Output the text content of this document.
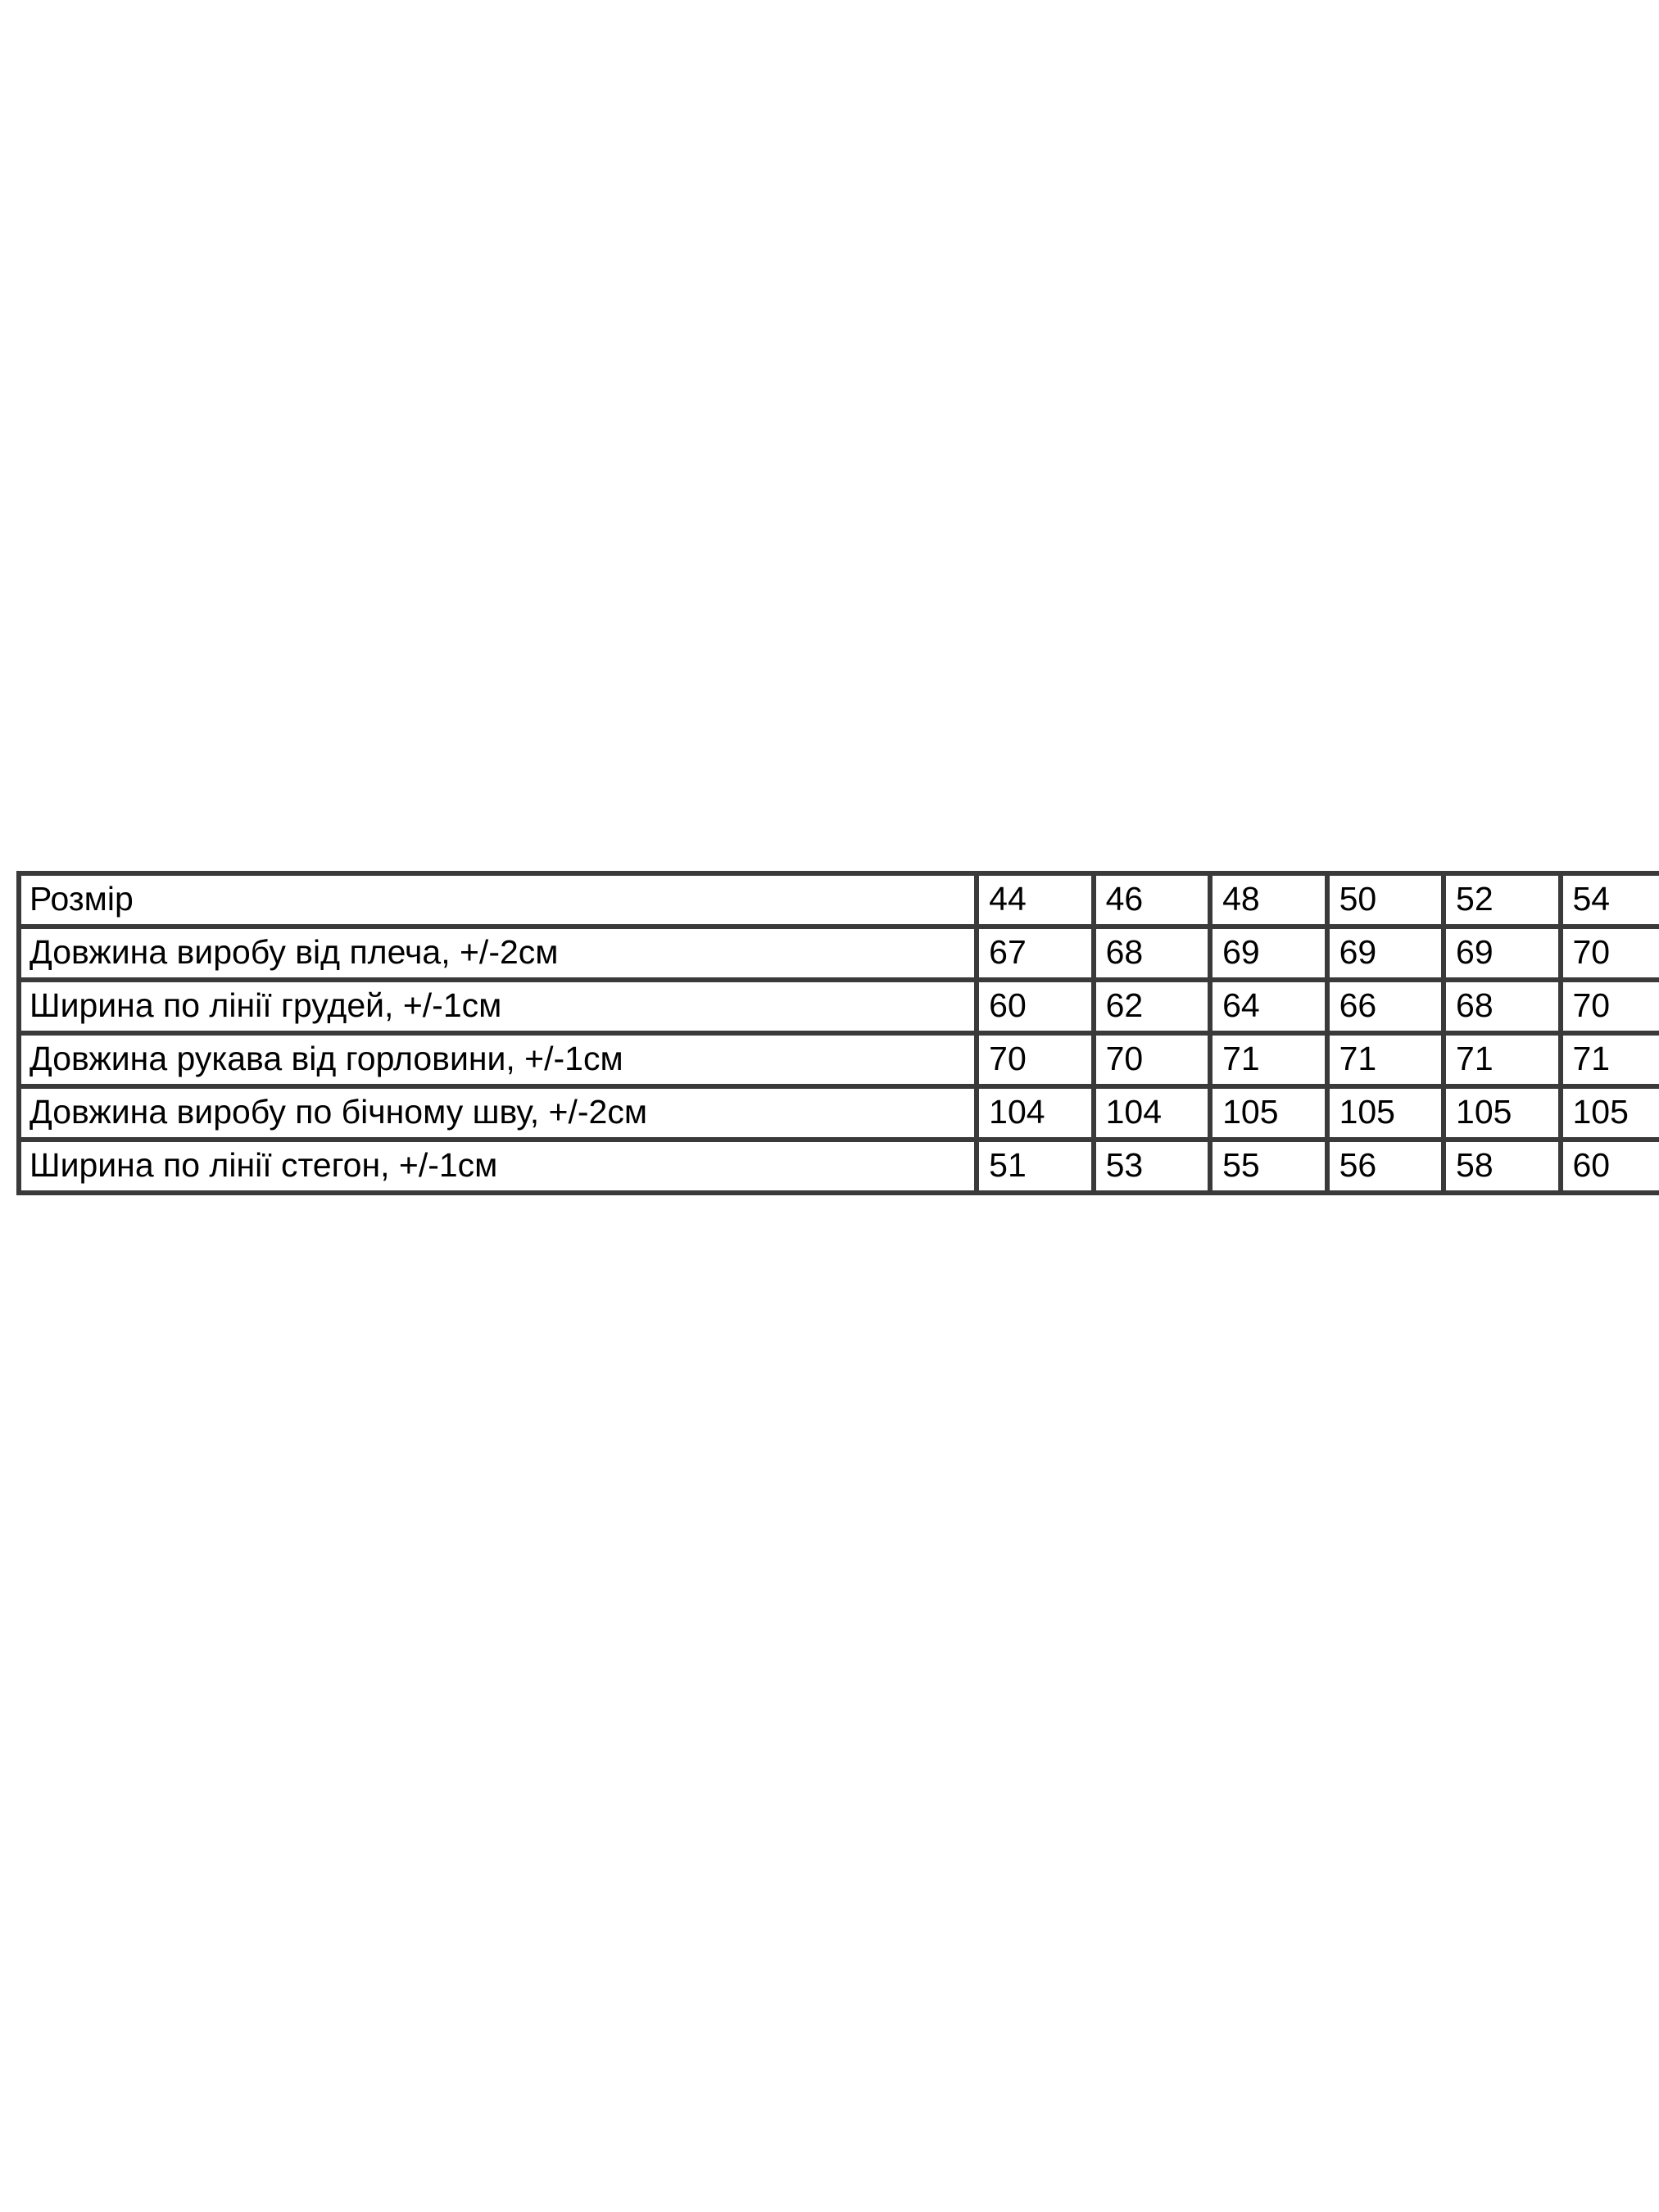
Розмір	44	46	48	50	52	54
Довжина виробу від плеча, +/-2см	67	68	69	69	69	70
Ширина по лінії грудей, +/-1см	60	62	64	66	68	70
Довжина рукава від горловини, +/-1см	70	70	71	71	71	71
Довжина виробу по бічному шву, +/-2см	104	104	105	105	105	105
Ширина по лінії стегон, +/-1см	51	53	55	56	58	60
